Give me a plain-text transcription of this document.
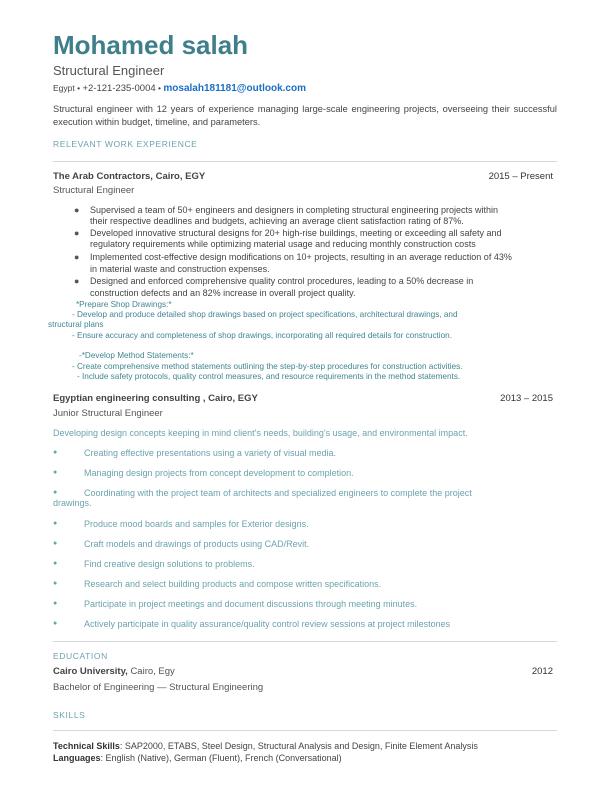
Mohamed salah
Structural Engineer
Egypt • +2-121-235-0004 • mosalah181181@outlook.com
Structural engineer with 12 years of experience managing large-scale engineering projects, overseeing their successful execution within budget, timeline, and parameters.
RELEVANT WORK EXPERIENCE
The Arab Contractors, Cairo, EGY	2015 – Present
Structural Engineer
● Supervised a team of 50+ engineers and designers in completing structural engineering projects within
their respective deadlines and budgets, achieving an average client satisfaction rating of 87%.
● Developed innovative structural designs for 20+ high-rise buildings, meeting or exceeding all safety and
regulatory requirements while optimizing material usage and reducing monthly construction costs
● Implemented cost-effective design modifications on 10+ projects, resulting in an average reduction of 43%
in material waste and construction expenses.
● Designed and enforced comprehensive quality control procedures, leading to a 50% decrease in
construction defects and an 82% increase in overall project quality.
*Prepare Shop Drawings:*
- Develop and produce detailed shop drawings based on project specifications, architectural drawings, and
structural plans
- Ensure accuracy and completeness of shop drawings, incorporating all required details for construction.
-*Develop Method Statements:*
- Create comprehensive method statements outlining the step-by-step procedures for construction activities.
- Include safety protocols, quality control measures, and resource requirements in the method statements.
Egyptian engineering consulting , Cairo, EGY	2013 – 2015
Junior Structural Engineer
Developing design concepts keeping in mind client's needs, building's usage, and environmental impact.
●	Creating effective presentations using a variety of visual media.
●	Managing design projects from concept development to completion.
●	Coordinating with the project team of architects and specialized engineers to complete the project
drawings.
●	Produce mood boards and samples for Exterior designs.
●	Craft models and drawings of products using CAD/Revit.
●	Find creative design solutions to problems.
●	Research and select building products and compose written specifications.
●	Participate in project meetings and document discussions through meeting minutes.
●	Actively participate in quality assurance/quality control review sessions at project milestones
EDUCATION
Cairo University, Cairo, Egy	2012
Bachelor of Engineering — Structural Engineering
SKILLS
Technical Skills: SAP2000, ETABS, Steel Design, Structural Analysis and Design, Finite Element Analysis
Languages: English (Native), German (Fluent), French (Conversational)
